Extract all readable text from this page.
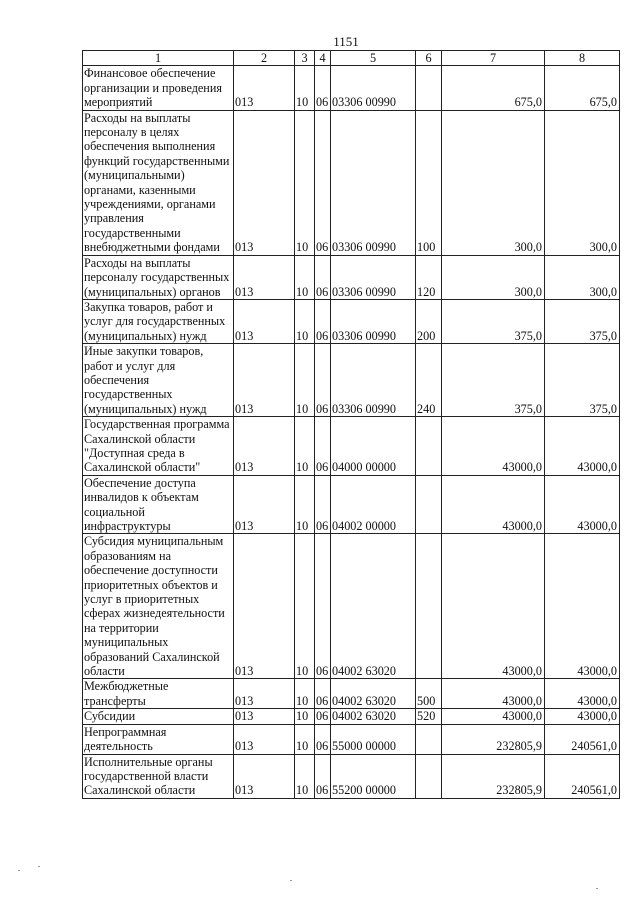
1151
1	2	3	4	5	6	7	8
Финансовое обеспечение организации и проведения мероприятий	013	10	06	03306 00990		675,0	675,0
Расходы на выплаты персоналу в целях обеспечения выполнения функций государственными (муниципальными) органами, казенными учреждениями, органами управления государственными внебюджетными фондами	013	10	06	03306 00990	100	300,0	300,0
Расходы на выплаты персоналу государственных (муниципальных) органов	013	10	06	03306 00990	120	300,0	300,0
Закупка товаров, работ и услуг для государственных (муниципальных) нужд	013	10	06	03306 00990	200	375,0	375,0
Иные закупки товаров, работ и услуг для обеспечения государственных (муниципальных) нужд	013	10	06	03306 00990	240	375,0	375,0
Государственная программа Сахалинской области "Доступная среда в Сахалинской области"	013	10	06	04000 00000		43000,0	43000,0
Обеспечение доступа инвалидов к объектам социальной инфраструктуры	013	10	06	04002 00000		43000,0	43000,0
Субсидия муниципальным образованиям на обеспечение доступности приоритетных объектов и услуг в приоритетных сферах жизнедеятельности на территории муниципальных образований Сахалинской области	013	10	06	04002 63020		43000,0	43000,0
Межбюджетные трансферты	013	10	06	04002 63020	500	43000,0	43000,0
Субсидии	013	10	06	04002 63020	520	43000,0	43000,0
Непрограммная деятельность	013	10	06	55000 00000		232805,9	240561,0
Исполнительные органы государственной власти Сахалинской области	013	10	06	55200 00000		232805,9	240561,0
